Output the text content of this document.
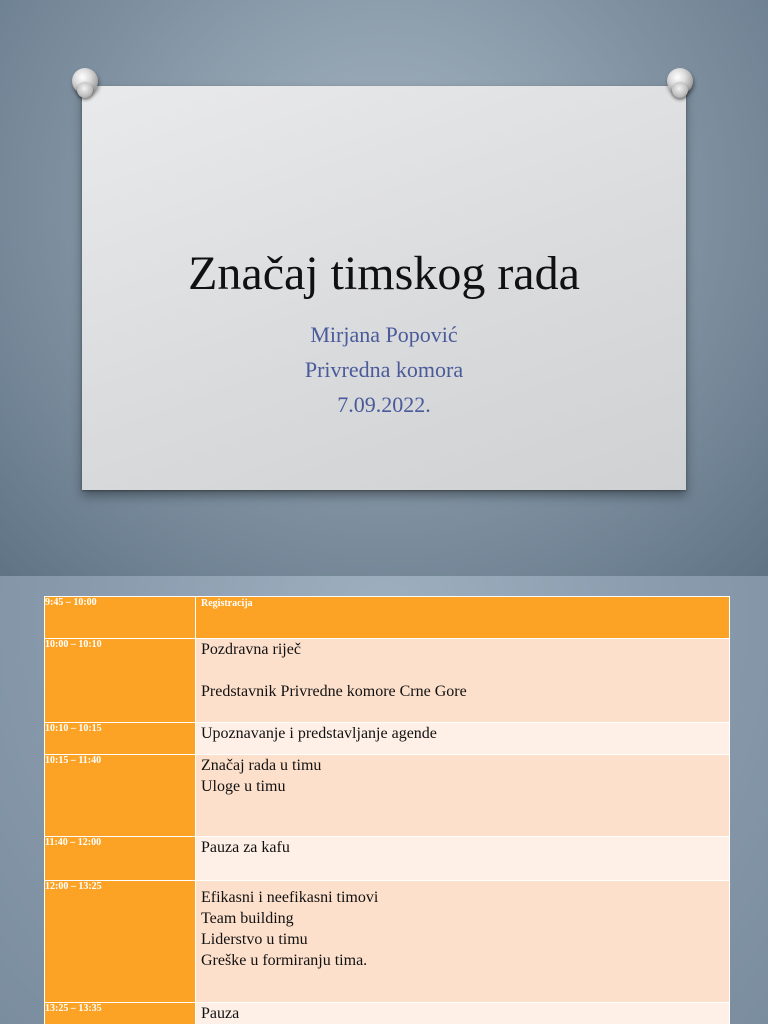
Značaj timskog rada
Mirjana Popović
Privredna komora
7.09.2022.
9:45 – 10:00	Registracija

10:00 – 10:10	Pozdravna riječ
Predstavnik Privredne komore Crne Gore

10:10 – 10:15	Upoznavanje i predstavljanje agende

10:15 – 11:40	Značaj rada u timu
Uloge u timu

11:40 – 12:00	Pauza za kafu

12:00 – 13:25	Efikasni i neefikasni timovi
Team building
Liderstvo u timu
Greške u formiranju tima.

13:25 – 13:35	Pauza
